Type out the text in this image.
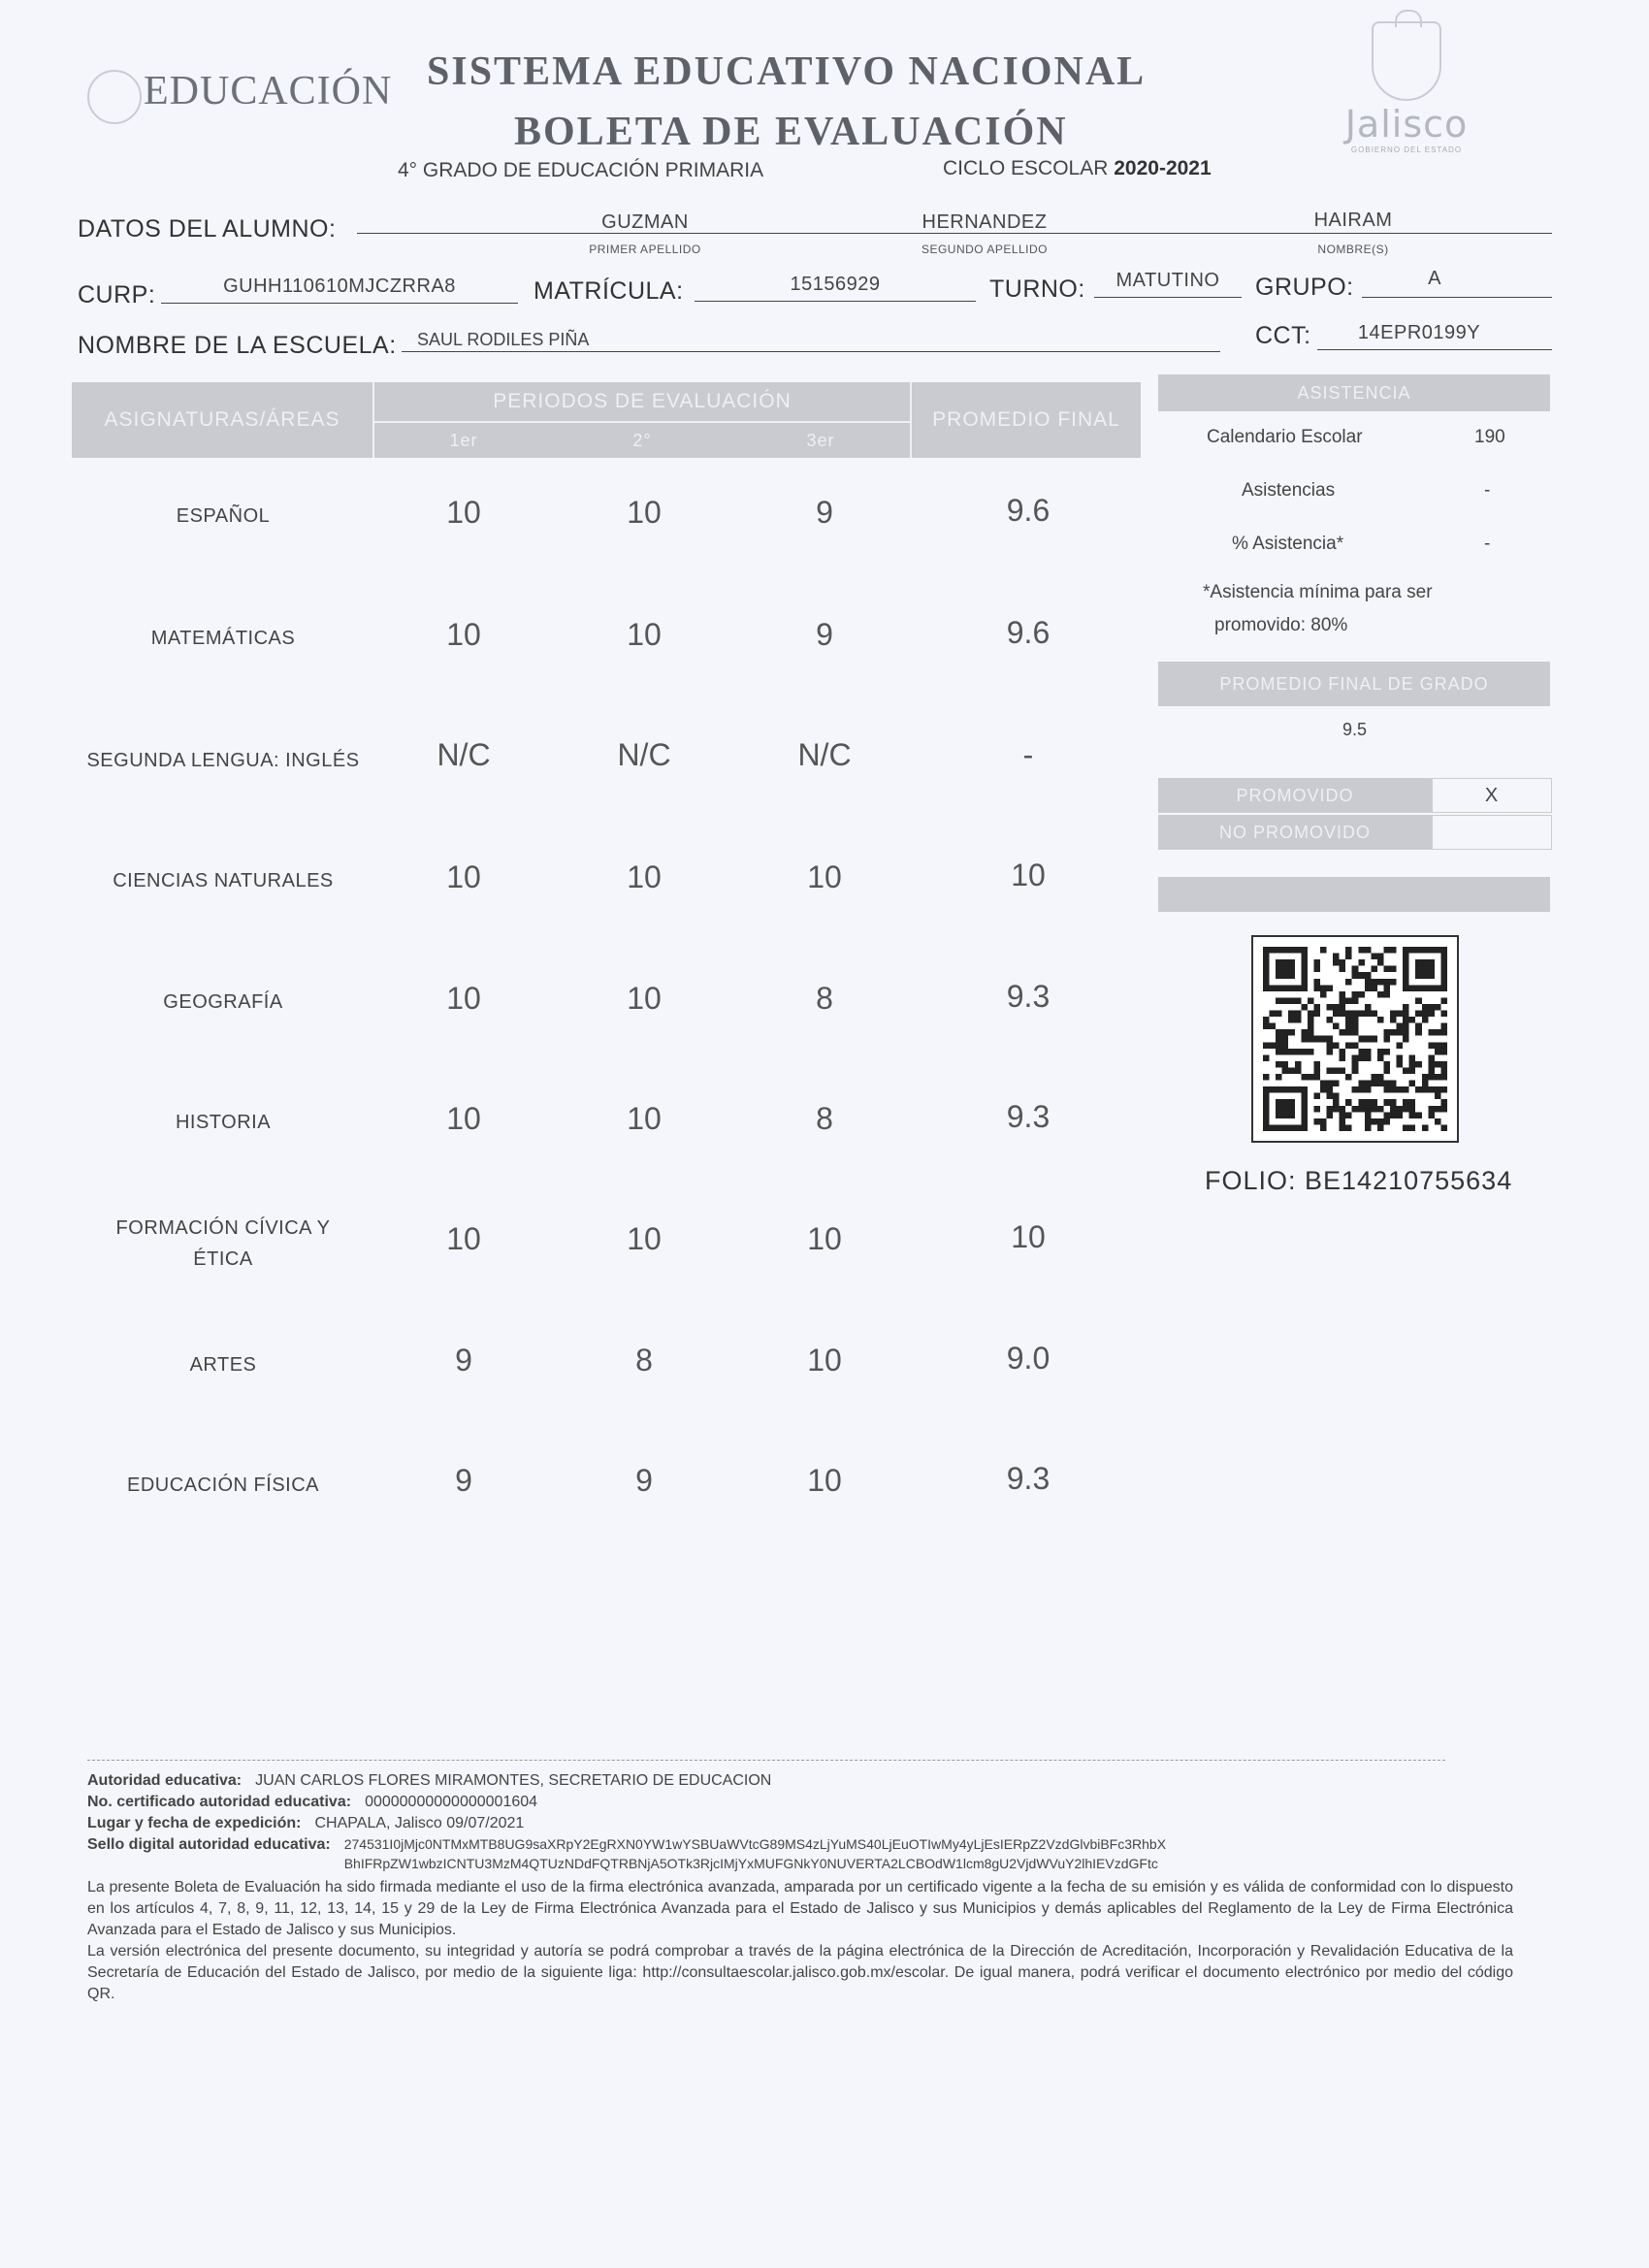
EDUCACIÓN SISTEMA EDUCATIVO NACIONAL
BOLETA DE EVALUACIÓN
4° GRADO DE EDUCACIÓN PRIMARIA	CICLO ESCOLAR 2020-2021
Jalisco
GOBIERNO DEL ESTADO
DATOS DEL ALUMNO:	GUZMAN
PRIMER APELLIDO
HERNANDEZ
SEGUNDO APELLIDO
HAIRAM
NOMBRE(S)
CURP:	GUHH110610MJCZRRA8	MATRÍCULA:	15156929	TURNO:	MATUTINO	GRUPO:	A
NOMBRE DE LA ESCUELA: SAUL RODILES PIÑA	CCT:	14EPR0199Y
ASIGNATURAS/ÁREAS
PERIODOS DE EVALUACIÓN
1er	2°	3er
PROMEDIO FINAL
ESPAÑOL	10	10	9	9.6
MATEMÁTICAS	10	10	9	9.6
SEGUNDA LENGUA: INGLÉS	N/C	N/C	N/C	-
CIENCIAS NATURALES	10	10	10	10
GEOGRAFÍA	10	10	8	9.3
HISTORIA	10	10	8	9.3
FORMACIÓN CÍVICA Y
ÉTICA
10	10	10	10
ARTES	9	8	10	9.0
EDUCACIÓN FÍSICA	9	9	10	9.3
ASISTENCIA
Calendario Escolar	190
Asistencias	-
% Asistencia*	-
*Asistencia mínima para ser
promovido: 80%
PROMEDIO FINAL DE GRADO
9.5
PROMOVIDO	X
NO PROMOVIDO
FOLIO: BE14210755634
Autoridad educativa: JUAN CARLOS FLORES MIRAMONTES, SECRETARIO DE EDUCACION
No. certificado autoridad educativa: 00000000000000001604
Lugar y fecha de expedición: CHAPALA, Jalisco 09/07/2021
Sello digital autoridad educativa: 274531I0jMjc0NTMxMTB8UG9saXRpY2EgRXN0YW1wYSBUaWVtcG89MS4zLjYuMS40LjEuOTIwMy4yLjEsIERpZ2VzdGlvbiBFc3RhbX
BhIFRpZW1wbzICNTU3MzM4QTUzNDdFQTRBNjA5OTk3RjcIMjYxMUFGNkY0NUVERTA2LCBOdW1lcm8gU2VjdWVuY2lhIEVzdGFtc

La presente Boleta de Evaluación ha sido firmada mediante el uso de la firma electrónica avanzada, amparada por un certificado vigente a la fecha de su emisión y es válida de conformidad con lo dispuesto en los artículos 4, 7, 8, 9, 11, 12, 13, 14, 15 y 29 de la Ley de Firma Electrónica Avanzada para el Estado de Jalisco y sus Municipios y demás aplicables del Reglamento de la Ley de Firma Electrónica Avanzada para el Estado de Jalisco y sus Municipios.

La versión electrónica del presente documento, su integridad y autoría se podrá comprobar a través de la página electrónica de la Dirección de Acreditación, Incorporación y Revalidación Educativa de la Secretaría de Educación del Estado de Jalisco, por medio de la siguiente liga: http://consultaescolar.jalisco.gob.mx/escolar. De igual manera, podrá verificar el documento electrónico por medio del código QR.
